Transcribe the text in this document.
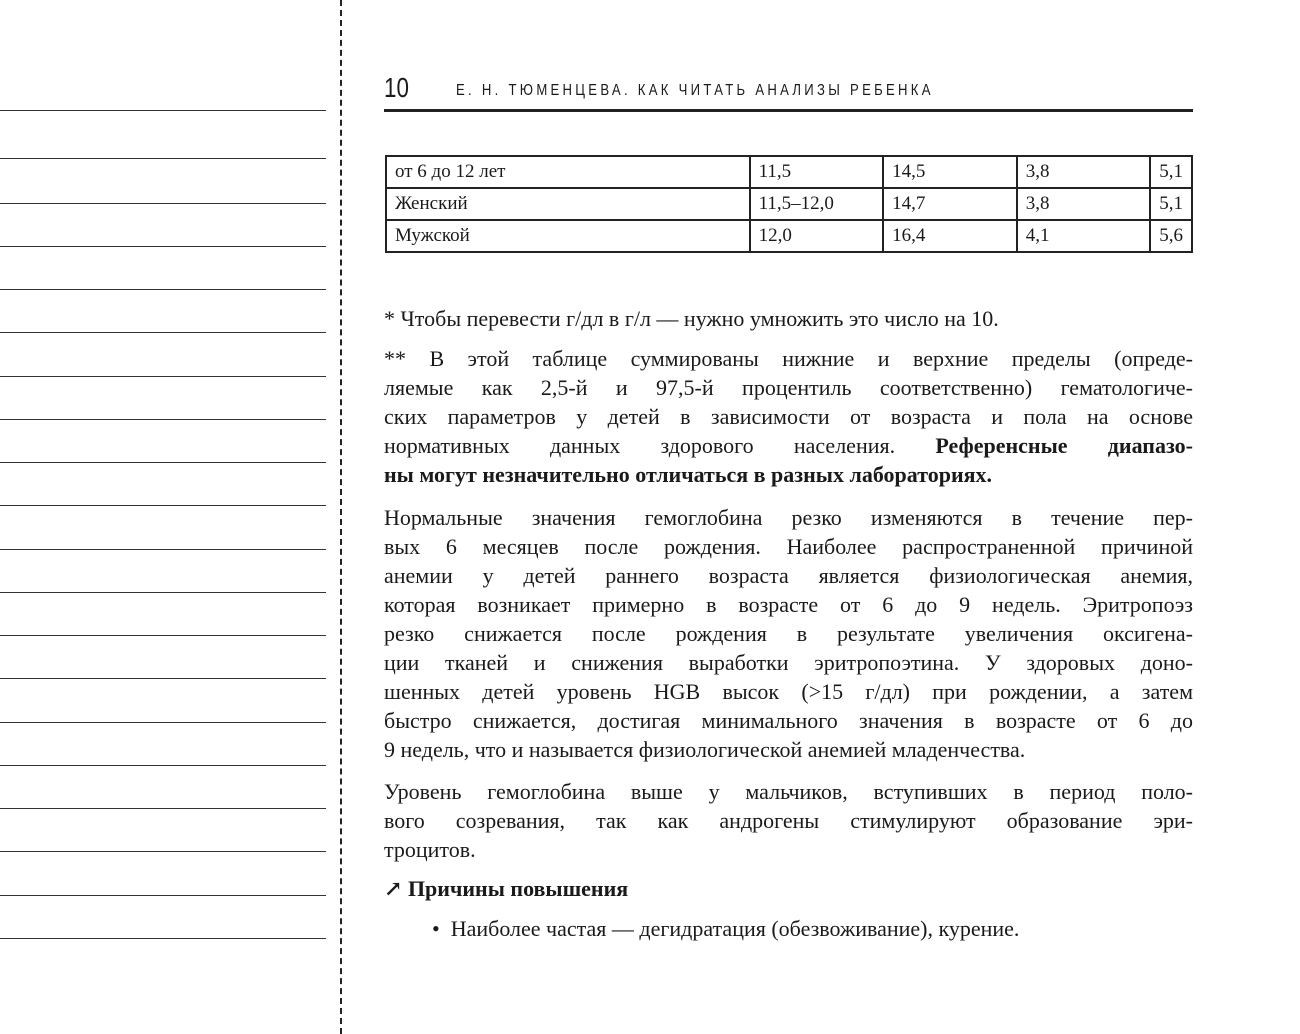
10	Е. Н. ТЮМЕНЦЕВА. КАК ЧИТАТЬ АНАЛИЗЫ РЕБЕНКА
от 6 до 12 лет	11,5	14,5	3,8	5,1
Женский	11,5–12,0	14,7	3,8	5,1
Мужской	12,0	16,4	4,1	5,6
* Чтобы перевести г/дл в г/л — нужно умножить это число на 10.
** В этой таблице суммированы нижние и верхние пределы (опреде-
ляемые как 2,5-й и 97,5-й процентиль соответственно) гематологиче-
ских параметров у детей в зависимости от возраста и пола на основе
нормативных данных здорового населения. Референсные диапазо-
ны могут незначительно отличаться в разных лабораториях.
Нормальные значения гемоглобина резко изменяются в течение пер-
вых 6 месяцев после рождения. Наиболее распространенной причиной
анемии у детей раннего возраста является физиологическая анемия,
которая возникает примерно в возрасте от 6 до 9 недель. Эритропоэз
резко снижается после рождения в результате увеличения оксигена-
ции тканей и снижения выработки эритропоэтина. У здоровых доно-
шенных детей уровень HGB высок (>15 г/дл) при рождении, а затем
быстро снижается, достигая минимального значения в возрасте от 6 до
9 недель, что и называется физиологической анемией младенчества.
Уровень гемоглобина выше у мальчиков, вступивших в период поло-
вого созревания, так как андрогены стимулируют образование эри-
троцитов.
↗ Причины повышения
•  Наиболее частая — дегидратация (обезвоживание), курение.
